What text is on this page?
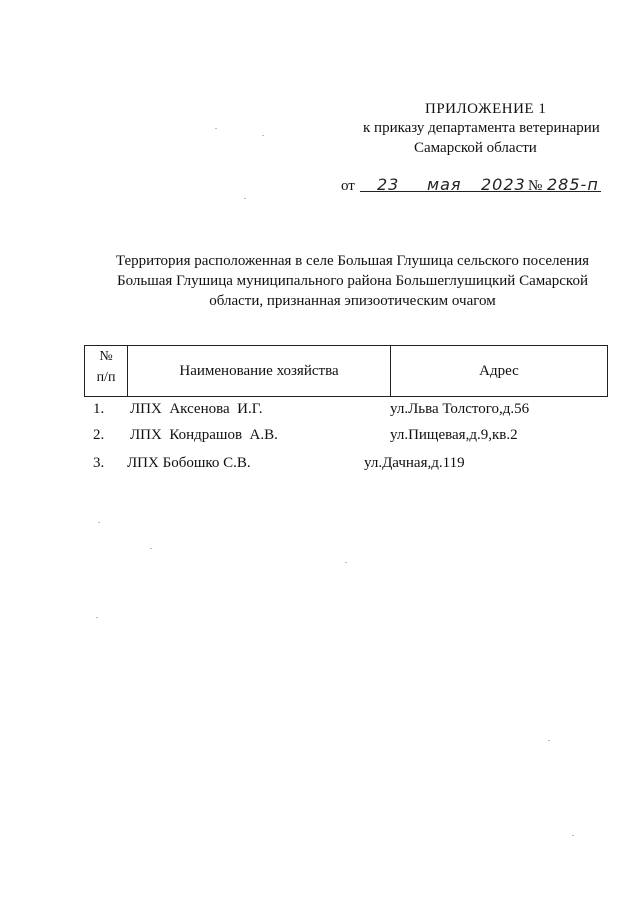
ПРИЛОЖЕНИЕ 1
к приказу департамента ветеринарии
Самарской области
от 23 мая 2023 № 285-п
Территория расположенная в селе Большая Глушица сельского поселения
Большая Глушица муниципального района Большеглушицкий Самарской
области, признанная эпизоотическим очагом
№
п/п	Наименование хозяйства	Адрес
1. ЛПХ  Аксенова  И.Г.	ул.Льва Толстого,д.56
2. ЛПХ  Кондрашов  А.В.	ул.Пищевая,д.9,кв.2
3. ЛПХ Бобошко С.В.	ул.Дачная,д.119
